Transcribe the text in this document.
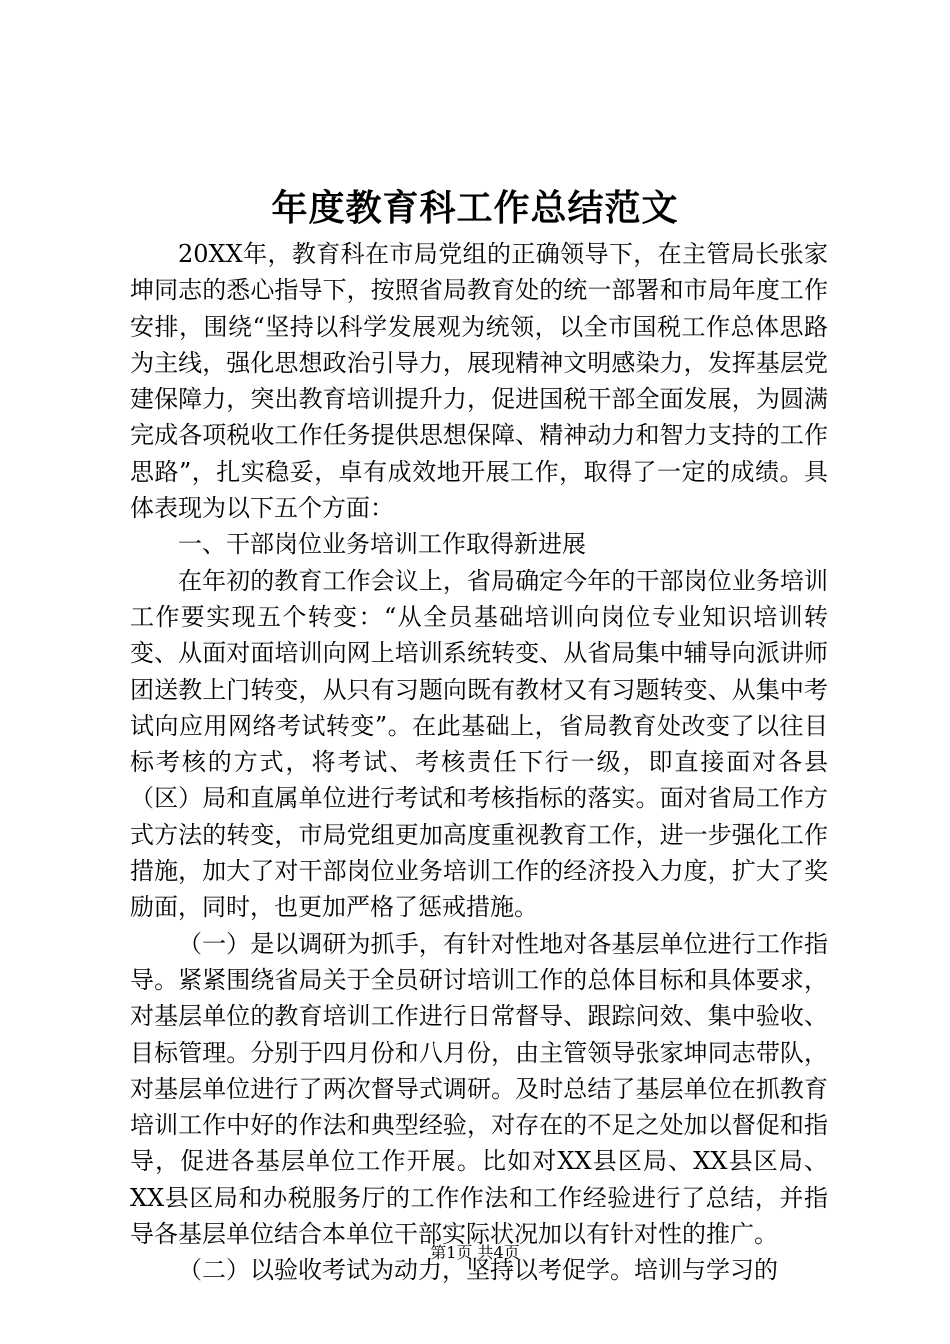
年度教育科工作总结范文

20XX年，教育科在市局党组的正确领导下，在主管局长张家坤同志的悉心指导下，按照省局教育处的统一部署和市局年度工作安排，围绕“坚持以科学发展观为统领，以全市国税工作总体思路为主线，强化思想政治引导力，展现精神文明感染力，发挥基层党建保障力，突出教育培训提升力，促进国税干部全面发展，为圆满完成各项税收工作任务提供思想保障、精神动力和智力支持的工作思路”，扎实稳妥，卓有成效地开展工作，取得了一定的成绩。具体表现为以下五个方面：

一、干部岗位业务培训工作取得新进展

在年初的教育工作会议上，省局确定今年的干部岗位业务培训工作要实现五个转变：“从全员基础培训向岗位专业知识培训转变、从面对面培训向网上培训系统转变、从省局集中辅导向派讲师团送教上门转变，从只有习题向既有教材又有习题转变、从集中考试向应用网络考试转变”。在此基础上，省局教育处改变了以往目标考核的方式，将考试、考核责任下行一级，即直接面对各县（区）局和直属单位进行考试和考核指标的落实。面对省局工作方式方法的转变，市局党组更加高度重视教育工作，进一步强化工作措施，加大了对干部岗位业务培训工作的经济投入力度，扩大了奖励面，同时，也更加严格了惩戒措施。

（一）是以调研为抓手，有针对性地对各基层单位进行工作指导。紧紧围绕省局关于全员研讨培训工作的总体目标和具体要求，对基层单位的教育培训工作进行日常督导、跟踪问效、集中验收、目标管理。分别于四月份和八月份，由主管领导张家坤同志带队，对基层单位进行了两次督导式调研。及时总结了基层单位在抓教育培训工作中好的作法和典型经验，对存在的不足之处加以督促和指导，促进各基层单位工作开展。比如对XX县区局、XX县区局、XX县区局和办税服务厅的工作作法和工作经验进行了总结，并指导各基层单位结合本单位干部实际状况加以有针对性的推广。

（二）以验收考试为动力，坚持以考促学。培训与学习的

第1页 共4页
